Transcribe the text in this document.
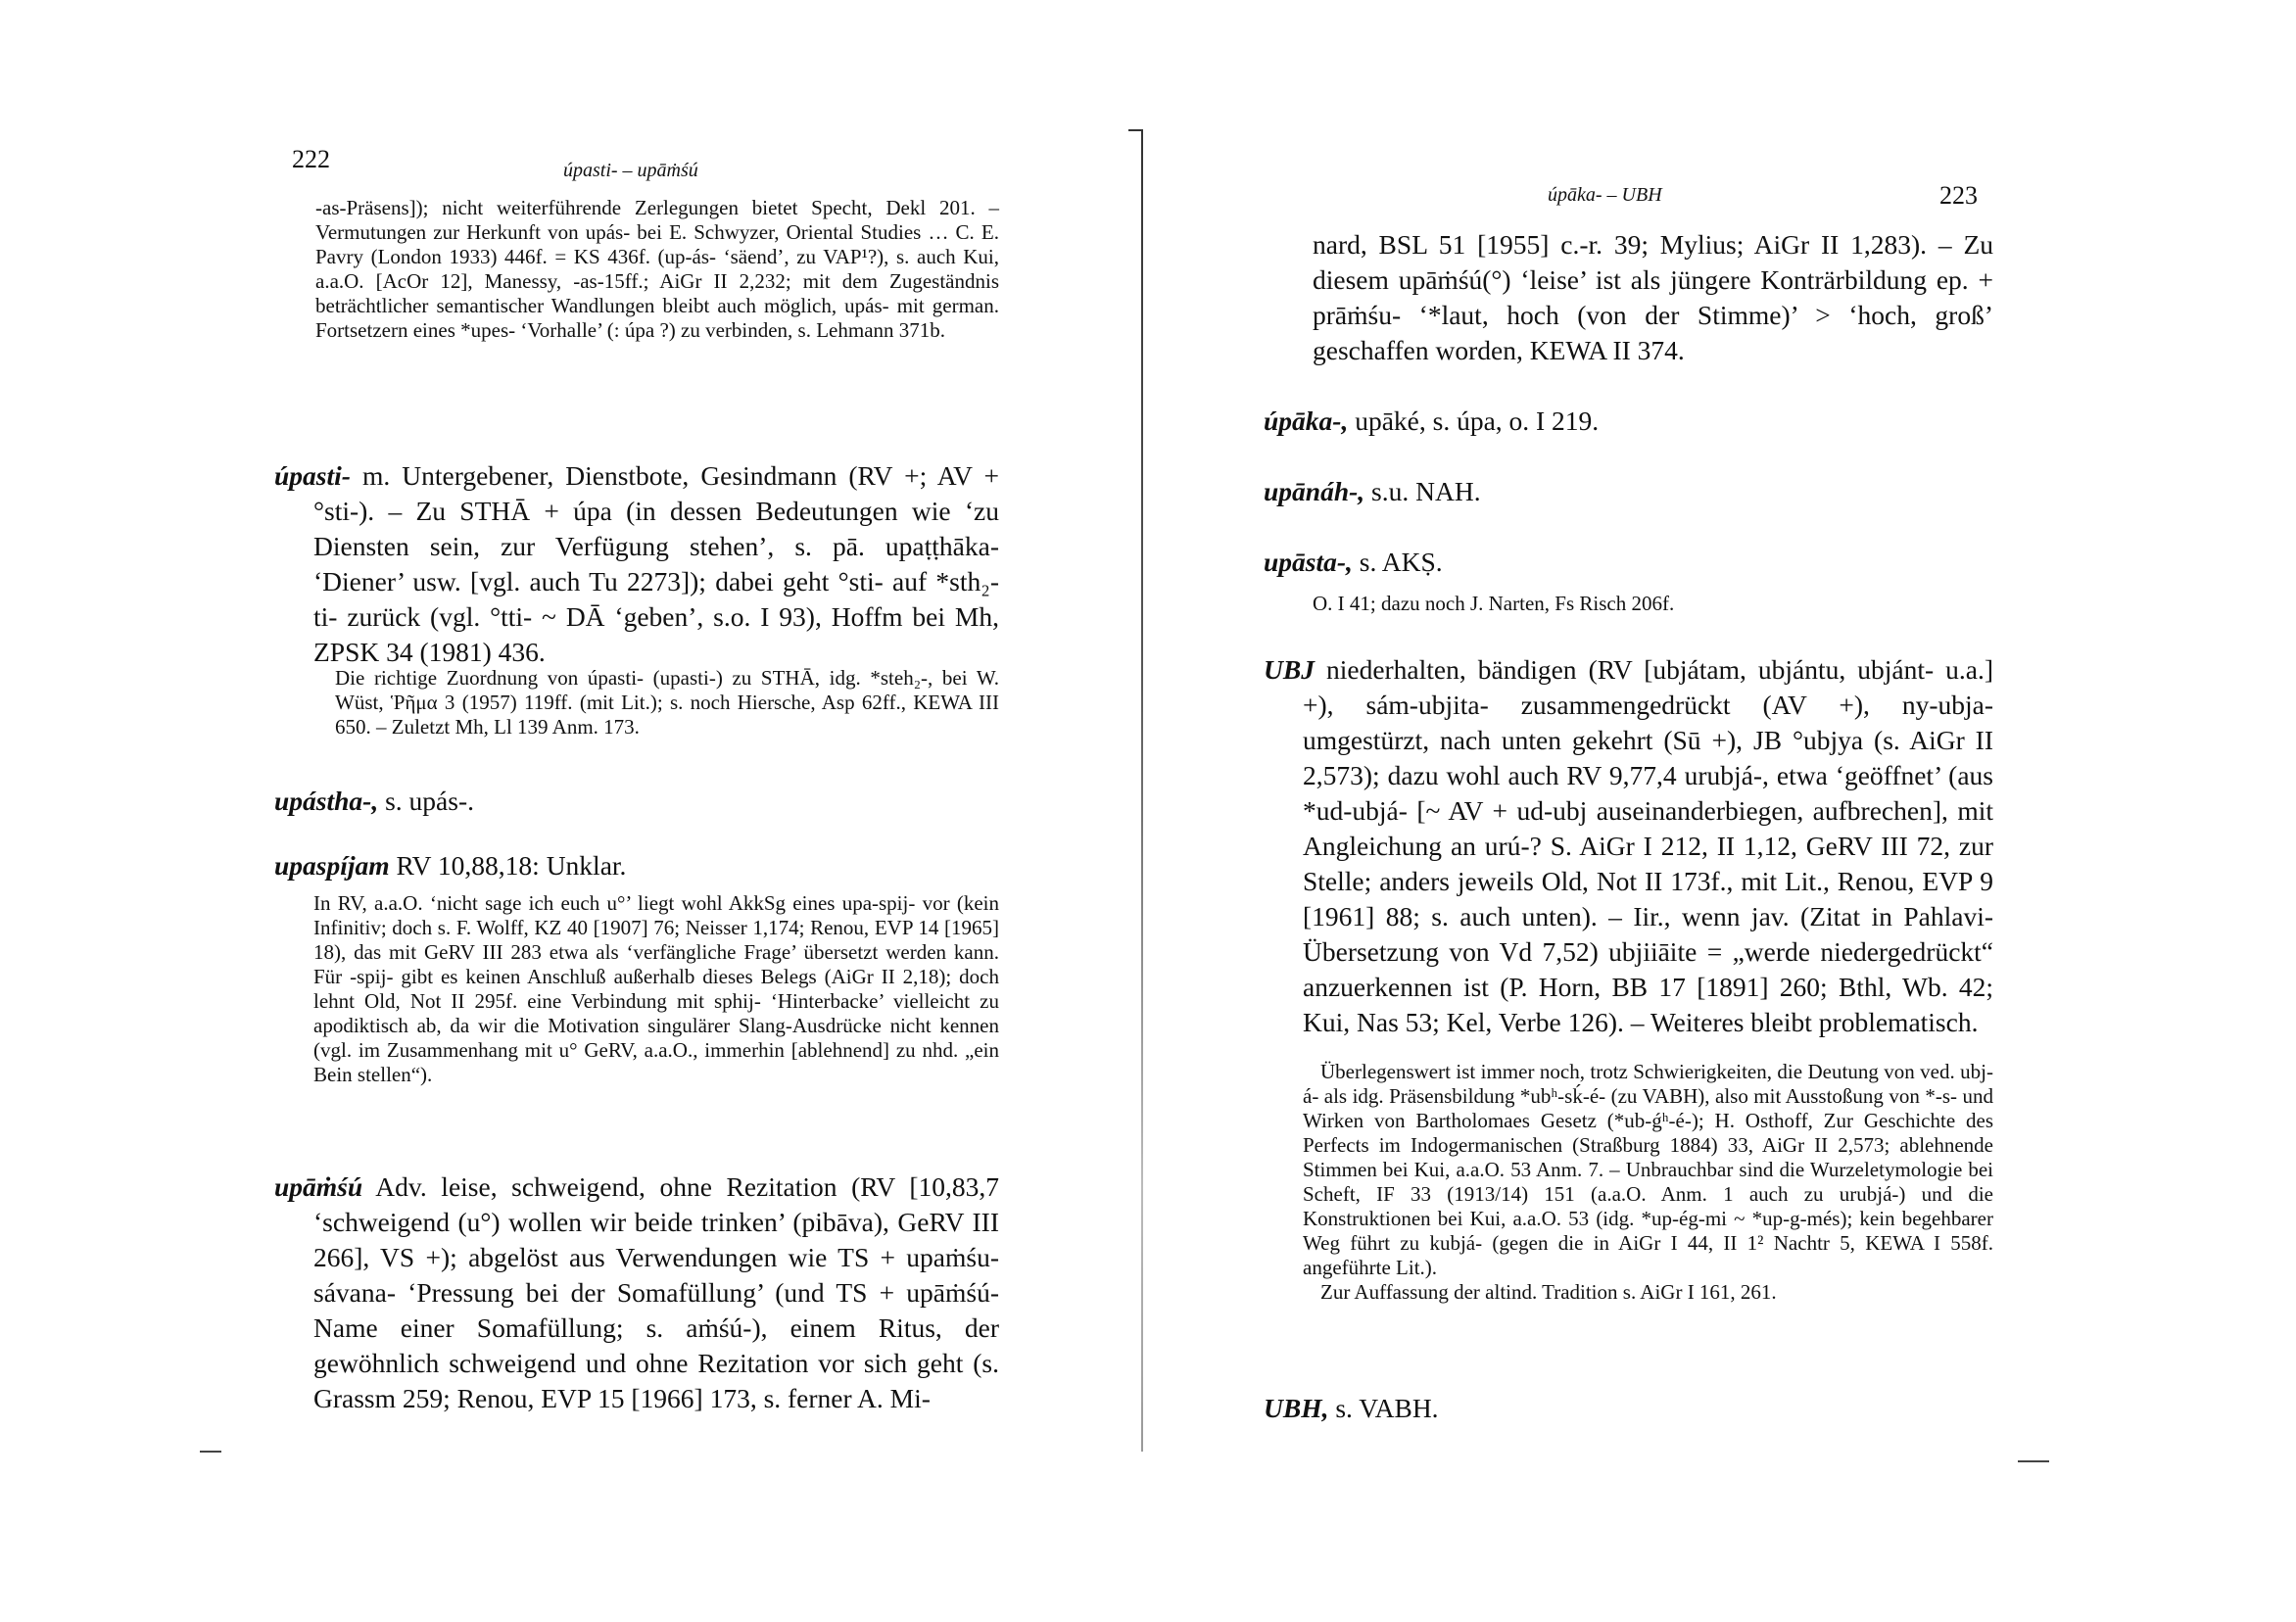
222	úpasti- – upāṁśú

-as-Präsens]); nicht weiterführende Zerlegungen bietet Specht, Dekl 201. – Vermutungen zur Herkunft von upás- bei E. Schwyzer, Oriental Studies … C. E. Pavry (London 1933) 446f. = KS 436f. (up-ás- ‘säend’, zu VAP¹?), s. auch Kui, a.a.O. [AcOr 12], Manessy, -as-15ff.; AiGr II 2,232; mit dem Zugeständnis beträchtlicher semantischer Wandlungen bleibt auch möglich, upás- mit german. Fortsetzern eines *upes- ‘Vorhalle’ (: úpa ?) zu verbinden, s. Lehmann 371b.

úpasti- m. Untergebener, Dienstbote, Gesindmann (RV +; AV + °sti-). – Zu STHĀ + úpa (in dessen Bedeutungen wie ‘zu Diensten sein, zur Verfügung stehen’, s. pā. upaṭṭhāka- ‘Diener’ usw. [vgl. auch Tu 2273]); dabei geht °sti- auf *sth₂-ti- zurück (vgl. °tti- ~ DĀ ‘geben’, s.o. I 93), Hoffm bei Mh, ZPSK 34 (1981) 436.

Die richtige Zuordnung von úpasti- (upasti-) zu STHĀ, idg. *steh₂-, bei W. Wüst, Ῥῆμα 3 (1957) 119ff. (mit Lit.); s. noch Hiersche, Asp 62ff., KEWA III 650. – Zuletzt Mh, Ll 139 Anm. 173.

upástha-, s. upás-.

upaspíjam RV 10,88,18: Unklar.

In RV, a.a.O. ‘nicht sage ich euch u°’ liegt wohl AkkSg eines upa-spij- vor (kein Infinitiv; doch s. F. Wolff, KZ 40 [1907] 76; Neisser 1,174; Renou, EVP 14 [1965] 18), das mit GeRV III 283 etwa als ‘verfängliche Frage’ übersetzt werden kann. Für -spij- gibt es keinen Anschluß außerhalb dieses Belegs (AiGr II 2,18); doch lehnt Old, Not II 295f. eine Verbindung mit sphij- ‘Hinterbacke’ vielleicht zu apodiktisch ab, da wir die Motivation singulärer Slang-Ausdrücke nicht kennen (vgl. im Zusammenhang mit u° GeRV, a.a.O., immerhin [ablehnend] zu nhd. „ein Bein stellen“).

upāṁśú Adv. leise, schweigend, ohne Rezitation (RV [10,83,7 ‘schweigend (u°) wollen wir beide trinken’ (pibāva), GeRV III 266], VS +); abgelöst aus Verwendungen wie TS + upaṁśu-sávana- ‘Pressung bei der Somafüllung’ (und TS + upāṁśú- Name einer Somafüllung; s. aṁśú-), einem Ritus, der gewöhnlich schweigend und ohne Rezitation vor sich geht (s. Grassm 259; Renou, EVP 15 [1966] 173, s. ferner A. Mi-

úpāka- – UBH	223

nard, BSL 51 [1955] c.-r. 39; Mylius; AiGr II 1,283). – Zu diesem upāṁśú(°) ‘leise’ ist als jüngere Konträrbildung ep. + prāṁśu- ‘*laut, hoch (von der Stimme)’ > ‘hoch, groß’ geschaffen worden, KEWA II 374.

úpāka-, upāké, s. úpa, o. I 219.

upānáh-, s.u. NAH.

upāsta-, s. AKṢ.

O. I 41; dazu noch J. Narten, Fs Risch 206f.

UBJ niederhalten, bändigen (RV [ubjátam, ubjántu, ubjánt- u.a.] +), sám-ubjita- zusammengedrückt (AV +), ny-ubja- umgestürzt, nach unten gekehrt (Sū +), JB °ubjya (s. AiGr II 2,573); dazu wohl auch RV 9,77,4 urubjá-, etwa ‘geöffnet’ (aus *ud-ubjá- [~ AV + ud-ubj auseinanderbiegen, aufbrechen], mit Angleichung an urú-? S. AiGr I 212, II 1,12, GeRV III 72, zur Stelle; anders jeweils Old, Not II 173f., mit Lit., Renou, EVP 9 [1961] 88; s. auch unten). – Iir., wenn jav. (Zitat in Pahlavi-Übersetzung von Vd 7,52) ubjiiāite = „werde niedergedrückt“ anzuerkennen ist (P. Horn, BB 17 [1891] 260; Bthl, Wb. 42; Kui, Nas 53; Kel, Verbe 126). – Weiteres bleibt problematisch.

Überlegenswert ist immer noch, trotz Schwierigkeiten, die Deutung von ved. ubj-á- als idg. Präsensbildung *ubʰ-sḱ-é- (zu VABH), also mit Ausstoßung von *-s- und Wirken von Bartholomaes Gesetz (*ub-ǵʰ-é-); H. Osthoff, Zur Geschichte des Perfects im Indogermanischen (Straßburg 1884) 33, AiGr II 2,573; ablehnende Stimmen bei Kui, a.a.O. 53 Anm. 7. – Unbrauchbar sind die Wurzeletymologie bei Scheft, IF 33 (1913/14) 151 (a.a.O. Anm. 1 auch zu urubjá-) und die Konstruktionen bei Kui, a.a.O. 53 (idg. *up-ég-mi ~ *up-g-més); kein begehbarer Weg führt zu kubjá- (gegen die in AiGr I 44, II 1² Nachtr 5, KEWA I 558f. angeführte Lit.).

Zur Auffassung der altind. Tradition s. AiGr I 161, 261.

UBH, s. VABH.
